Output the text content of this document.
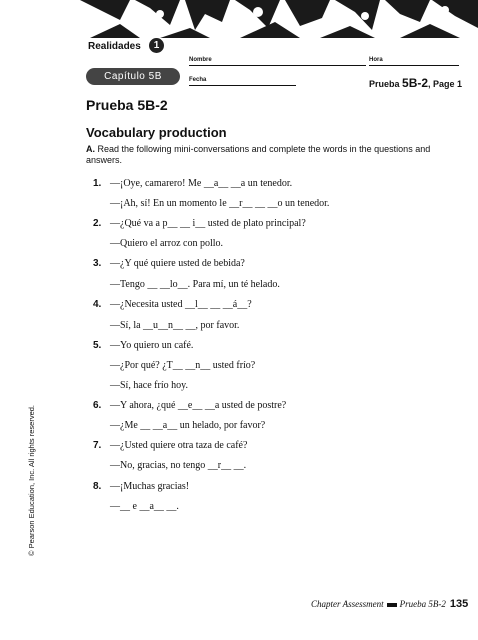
Realidades	1
Capítulo 5B
Nombre	Hora
Fecha	Prueba 5B-2, Page 1
Prueba 5B-2
Vocabulary production
A. Read the following mini-conversations and complete the words in the questions and answers.
1. —¡Oye, camarero! Me __a__ __a un tenedor.
—¡Ah, sí! En un momento le __r__ __ __o un tenedor.
2. —¿Qué va a p__ __ i__ usted de plato principal?
—Quiero el arroz con pollo.
3. —¿Y qué quiere usted de bebida?
—Tengo __ __lo__. Para mí, un té helado.
4. —¿Necesita usted __l__ __ __á__?
—Sí, la __u__n__ __, por favor.
5. —Yo quiero un café.
—¿Por qué? ¿T__ __n__ usted frío?
—Sí, hace frío hoy.
6. —Y ahora, ¿qué __e__ __a usted de postre?
—¿Me __ __a__ un helado, por favor?
7. —¿Usted quiere otra taza de café?
—No, gracias, no tengo __r__ __.
8. —¡Muchas gracias!
—__ e __a__ __.
© Pearson Education, Inc. All rights reserved.
Chapter Assessment Prueba 5B-2 135
